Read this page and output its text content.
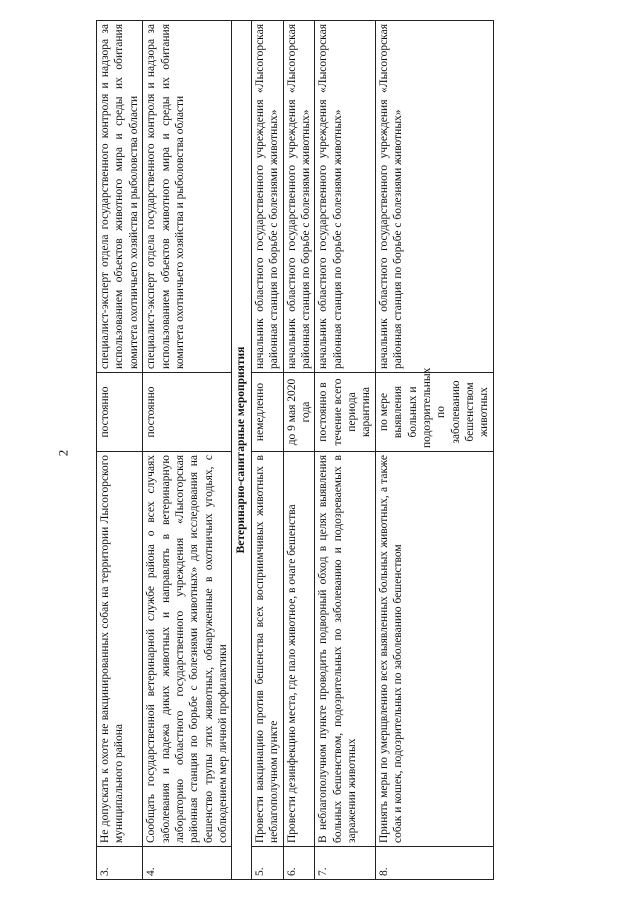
2
3.	Не допускать к охоте не вакцинированных собак на территории Лысогорского муниципального района	постоянно	специалист-эксперт отдела государственного контроля и надзора за использованием объектов животного мира и среды их обитания комитета охотничьего хозяйства и рыболовства области
4.	Сообщать государственной ветеринарной службе района о всех случаях заболевания и падежа диких животных и направлять в ветеринарную лабораторию областного государственного учреждения «Лысогорская районная станция по борьбе с болезнями животных» для исследования на бешенство трупы этих животных, обнаруженные в охотничьих угодьях, с соблюдением мер личной профилактики	постоянно	специалист-эксперт отдела государственного контроля и надзора за использованием объектов животного мира и среды их обитания комитета охотничьего хозяйства и рыболовства области
Ветеринарно-санитарные мероприятия			
5.	Провести вакцинацию против бешенства всех восприимчивых животных в неблагополучном пункте	немедленно	начальник областного государственного учреждения «Лысогорская районная станция по борьбе с болезнями животных»
6.	Провести дезинфекцию места, где пало животное, в очаге бешенства	до 9 мая 2020 года	начальник областного государственного учреждения «Лысогорская районная станция по борьбе с болезнями животных»
7.	В неблагополучном пункте проводить подворный обход в целях выявления больных бешенством, подозрительных по заболеванию и подозреваемых в заражении животных	постоянно в течение всего периода карантина	начальник областного государственного учреждения «Лысогорская районная станция по борьбе с болезнями животных»
8.	Принять меры по умерщвлению всех выявленных больных животных, а также собак и кошек, подозрительных по заболеванию бешенством	по мере выявления больных и подозрительных по заболеванию бешенством животных	начальник областного государственного учреждения «Лысогорская районная станция по борьбе с болезнями животных»
